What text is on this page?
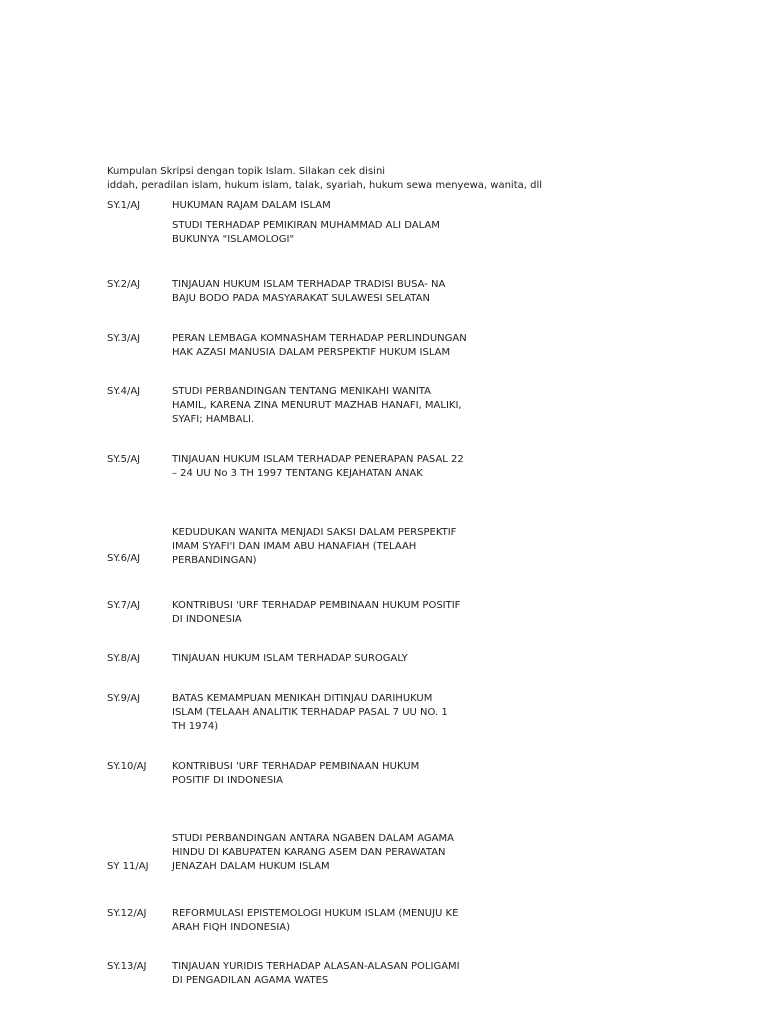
Kumpulan Skripsi dengan topik Islam. Silakan cek disini
iddah, peradilan islam, hukum islam, talak, syariah, hukum sewa menyewa, wanita, dll
SY.1/AJ	HUKUMAN RAJAM DALAM ISLAM
STUDI TERHADAP PEMIKIRAN MUHAMMAD ALI DALAM
BUKUNYA "ISLAMOLOGI"
SY.2/AJ	TINJAUAN HUKUM ISLAM TERHADAP TRADISI BUSA- NA
BAJU BODO PADA MASYARAKAT SULAWESI SELATAN
SY.3/AJ	PERAN LEMBAGA KOMNASHAM TERHADAP PERLINDUNGAN
HAK AZASI MANUSIA DALAM PERSPEKTIF HUKUM ISLAM
SY.4/AJ	STUDI PERBANDINGAN TENTANG MENIKAHI WANITA
HAMIL, KARENA ZINA MENURUT MAZHAB HANAFI, MALIKI,
SYAFI; HAMBALI.
SY.5/AJ	TINJAUAN HUKUM ISLAM TERHADAP PENERAPAN PASAL 22
– 24 UU No 3 TH 1997 TENTANG KEJAHATAN ANAK
SY.6/AJ
KEDUDUKAN WANITA MENJADI SAKSI DALAM PERSPEKTIF
IMAM SYAFI'I DAN IMAM ABU HANAFIAH (TELAAH
PERBANDINGAN)
SY.7/AJ	KONTRIBUSI 'URF TERHADAP PEMBINAAN HUKUM POSITIF
DI INDONESIA
SY.8/AJ	TINJAUAN HUKUM ISLAM TERHADAP SUROGALY
SY.9/AJ	BATAS KEMAMPUAN MENIKAH DITINJAU DARIHUKUM
ISLAM (TELAAH ANALITIK TERHADAP PASAL 7 UU NO. 1
TH 1974)
SY.10/AJ	KONTRIBUSI 'URF TERHADAP PEMBINAAN HUKUM
POSITIF DI INDONESIA
SY 11/AJ
STUDI PERBANDINGAN ANTARA NGABEN DALAM AGAMA
HINDU DI KABUPATEN KARANG ASEM DAN PERAWATAN
JENAZAH DALAM HUKUM ISLAM
SY.12/AJ	REFORMULASI EPISTEMOLOGI HUKUM ISLAM (MENUJU KE
ARAH FIQH INDONESIA)
SY.13/AJ	TINJAUAN YURIDIS TERHADAP ALASAN-ALASAN POLIGAMI
DI PENGADILAN AGAMA WATES
